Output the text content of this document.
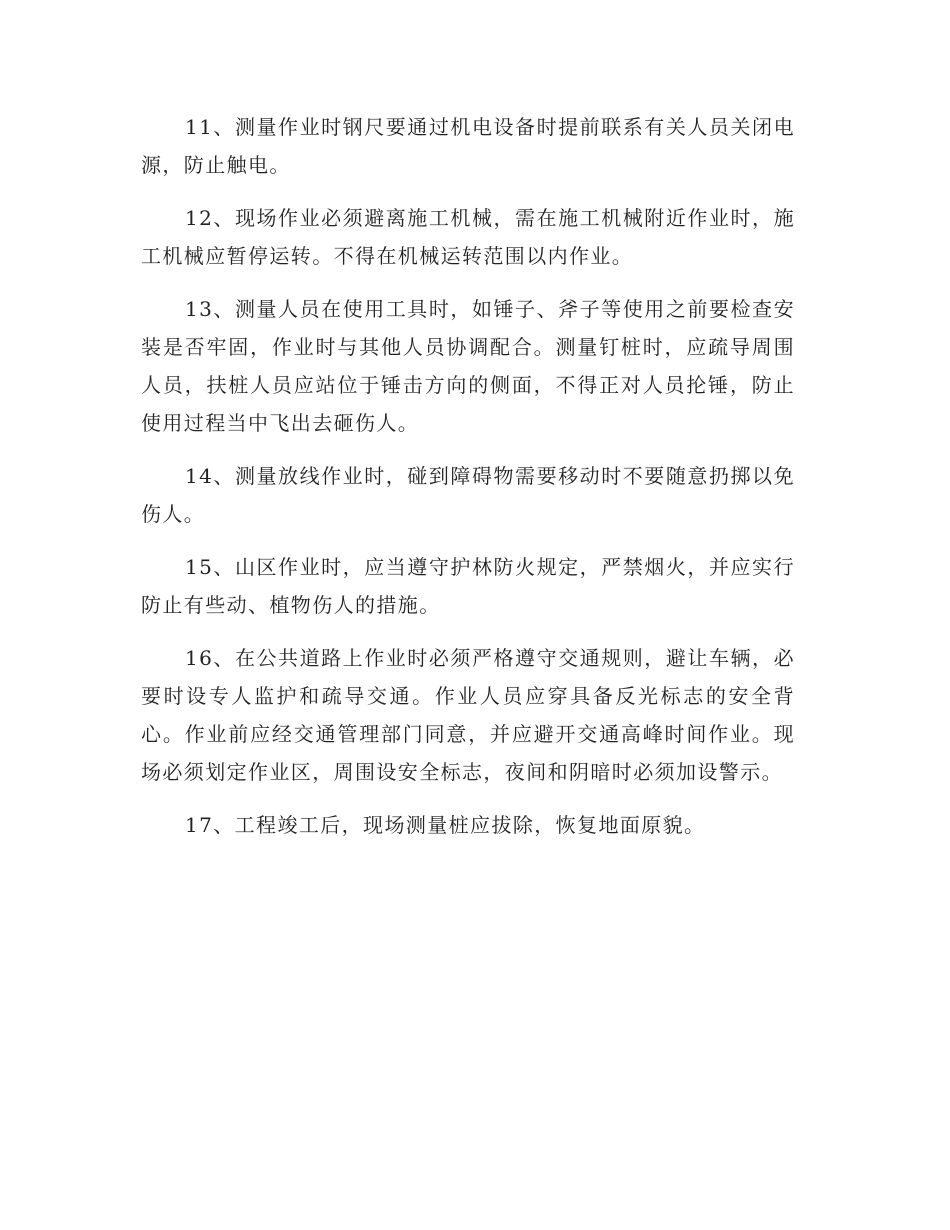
11、测量作业时钢尺要通过机电设备时提前联系有关人员关闭电源，防止触电。

12、现场作业必须避离施工机械，需在施工机械附近作业时，施工机械应暂停运转。不得在机械运转范围以内作业。

13、测量人员在使用工具时，如锤子、斧子等使用之前要检查安装是否牢固，作业时与其他人员协调配合。测量钉桩时，应疏导周围人员，扶桩人员应站位于锤击方向的侧面，不得正对人员抡锤，防止使用过程当中飞出去砸伤人。

14、测量放线作业时，碰到障碍物需要移动时不要随意扔掷以免伤人。

15、山区作业时，应当遵守护林防火规定，严禁烟火，并应实行防止有些动、植物伤人的措施。

16、在公共道路上作业时必须严格遵守交通规则，避让车辆，必要时设专人监护和疏导交通。作业人员应穿具备反光标志的安全背心。作业前应经交通管理部门同意，并应避开交通高峰时间作业。现场必须划定作业区，周围设安全标志，夜间和阴暗时必须加设警示。

17、工程竣工后，现场测量桩应拔除，恢复地面原貌。
